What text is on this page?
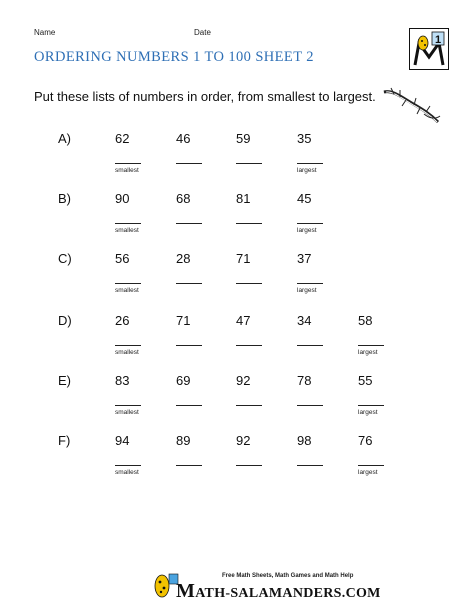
Name	Date
1
ORDERING NUMBERS 1 TO 100 SHEET 2
Put these lists of numbers in order, from smallest to largest.
A)	62	46	59	35
smallest	largest
B)	90	68	81	45
smallest	largest
C)	56	28	71	37
smallest	largest
D)	26	71	47	34	58
smallest	largest
E)	83	69	92	78	55
smallest	largest
F)	94	89	92	98	76
smallest	largest
Free Math Sheets, Math Games and Math Help
MATH-SALAMANDERS.COM
